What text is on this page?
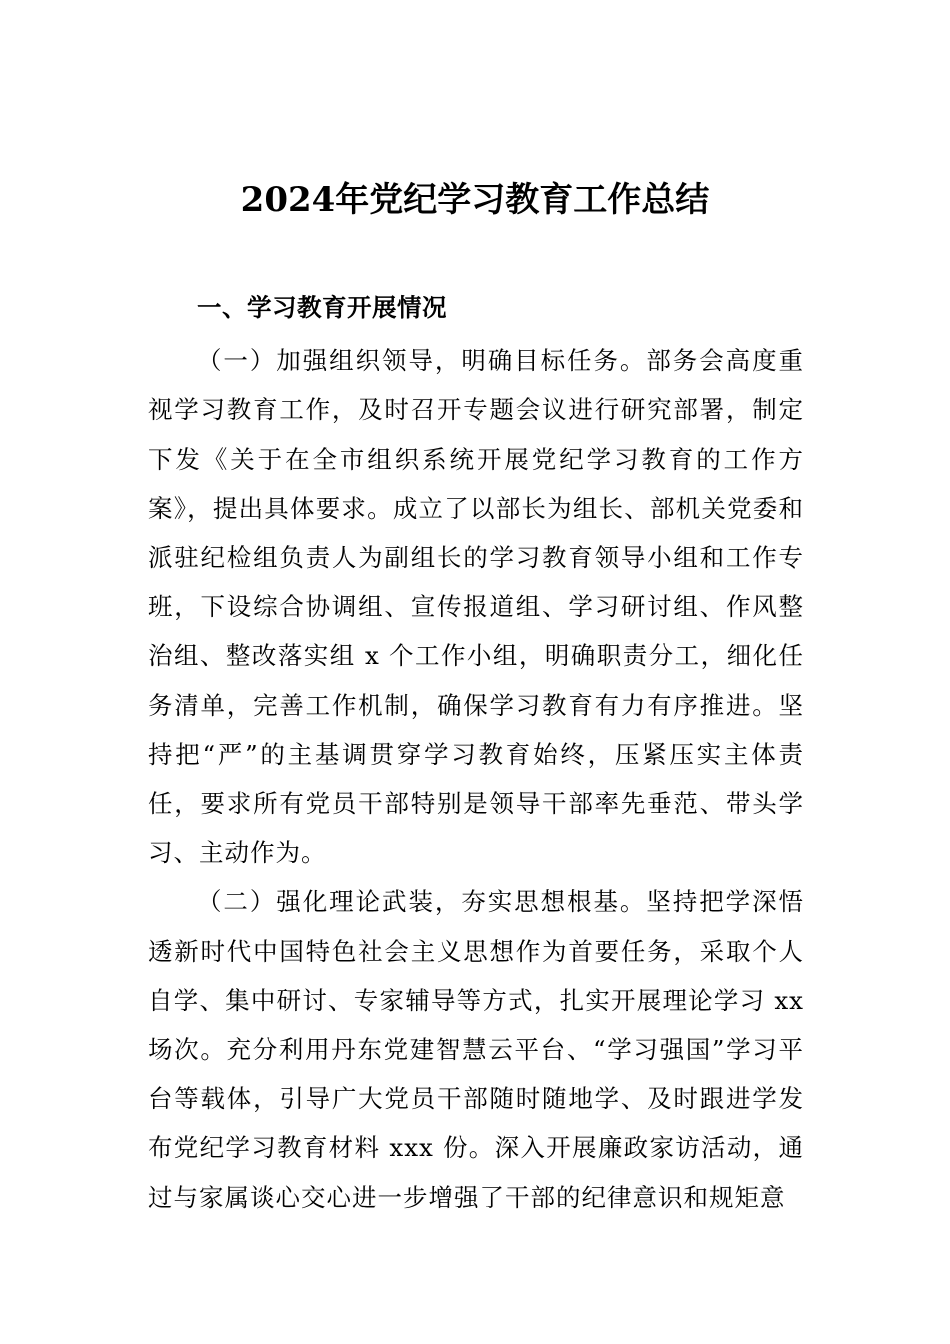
2024年党纪学习教育工作总结

一、学习教育开展情况

（一）加强组织领导，明确目标任务。部务会高度重视学习教育工作，及时召开专题会议进行研究部署，制定下发《关于在全市组织系统开展党纪学习教育的工作方案》，提出具体要求。成立了以部长为组长、部机关党委和派驻纪检组负责人为副组长的学习教育领导小组和工作专班，下设综合协调组、宣传报道组、学习研讨组、作风整治组、整改落实组 x 个工作小组，明确职责分工，细化任务清单，完善工作机制，确保学习教育有力有序推进。坚持把“严”的主基调贯穿学习教育始终，压紧压实主体责任，要求所有党员干部特别是领导干部率先垂范、带头学习、主动作为。

（二）强化理论武装，夯实思想根基。坚持把学深悟透新时代中国特色社会主义思想作为首要任务，采取个人自学、集中研讨、专家辅导等方式，扎实开展理论学习 xx 场次。充分利用丹东党建智慧云平台、“学习强国”学习平台等载体，引导广大党员干部随时随地学、及时跟进学发布党纪学习教育材料 xxx 份。深入开展廉政家访活动，通过与家属谈心交心进一步增强了干部的纪律意识和规矩意
